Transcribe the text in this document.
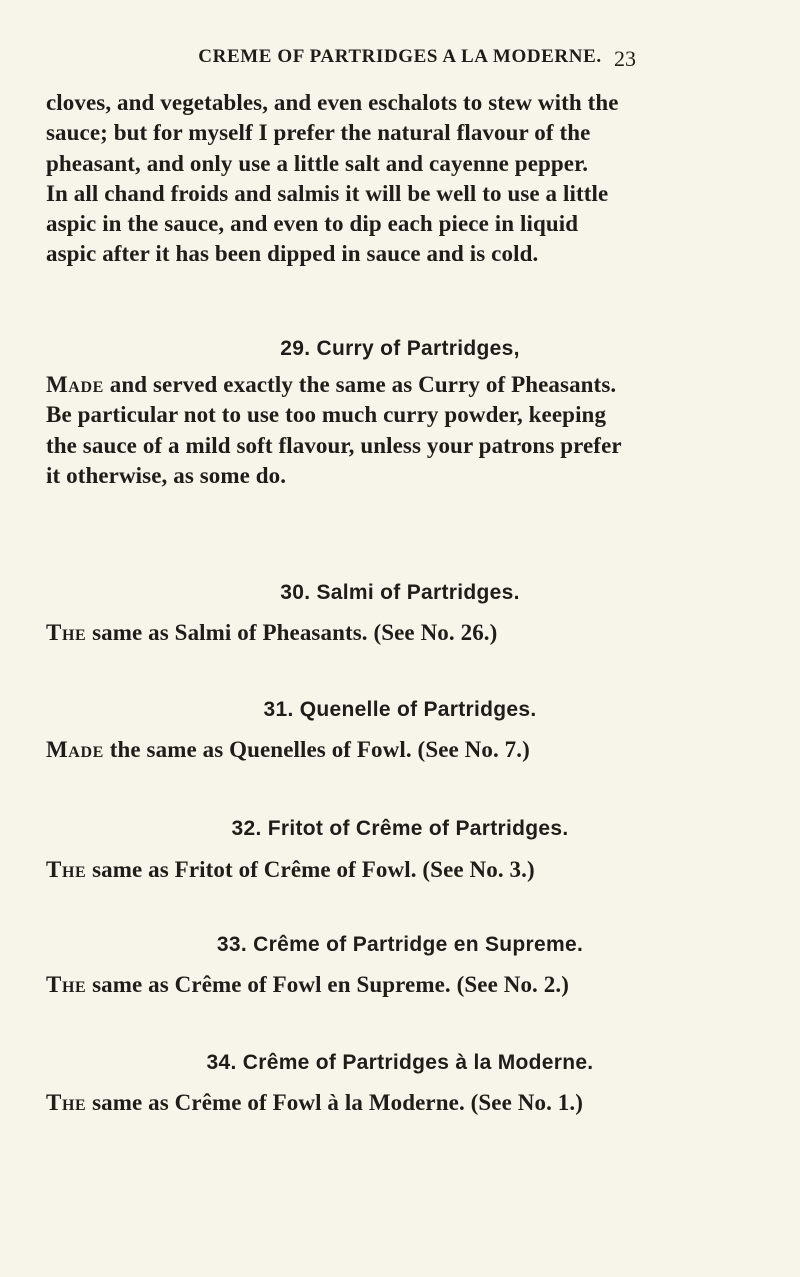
CREME OF PARTRIDGES A LA MODERNE. 23
cloves, and vegetables, and even eschalots to stew with the
sauce; but for myself I prefer the natural flavour of the
pheasant, and only use a little salt and cayenne pepper.
In all chand froids and salmis it will be well to use a little
aspic in the sauce, and even to dip each piece in liquid
aspic after it has been dipped in sauce and is cold.
29. Curry of Partridges,
Made and served exactly the same as Curry of Pheasants.
Be particular not to use too much curry powder, keeping
the sauce of a mild soft flavour, unless your patrons prefer
it otherwise, as some do.
30. Salmi of Partridges.
The same as Salmi of Pheasants. (See No. 26.)
31. Quenelle of Partridges.
Made the same as Quenelles of Fowl. (See No. 7.)
32. Fritot of Crême of Partridges.
The same as Fritot of Crême of Fowl. (See No. 3.)
33. Crême of Partridge en Supreme.
The same as Crême of Fowl en Supreme. (See No. 2.)
34. Crême of Partridges à la Moderne.
The same as Crême of Fowl à la Moderne. (See No. 1.)
